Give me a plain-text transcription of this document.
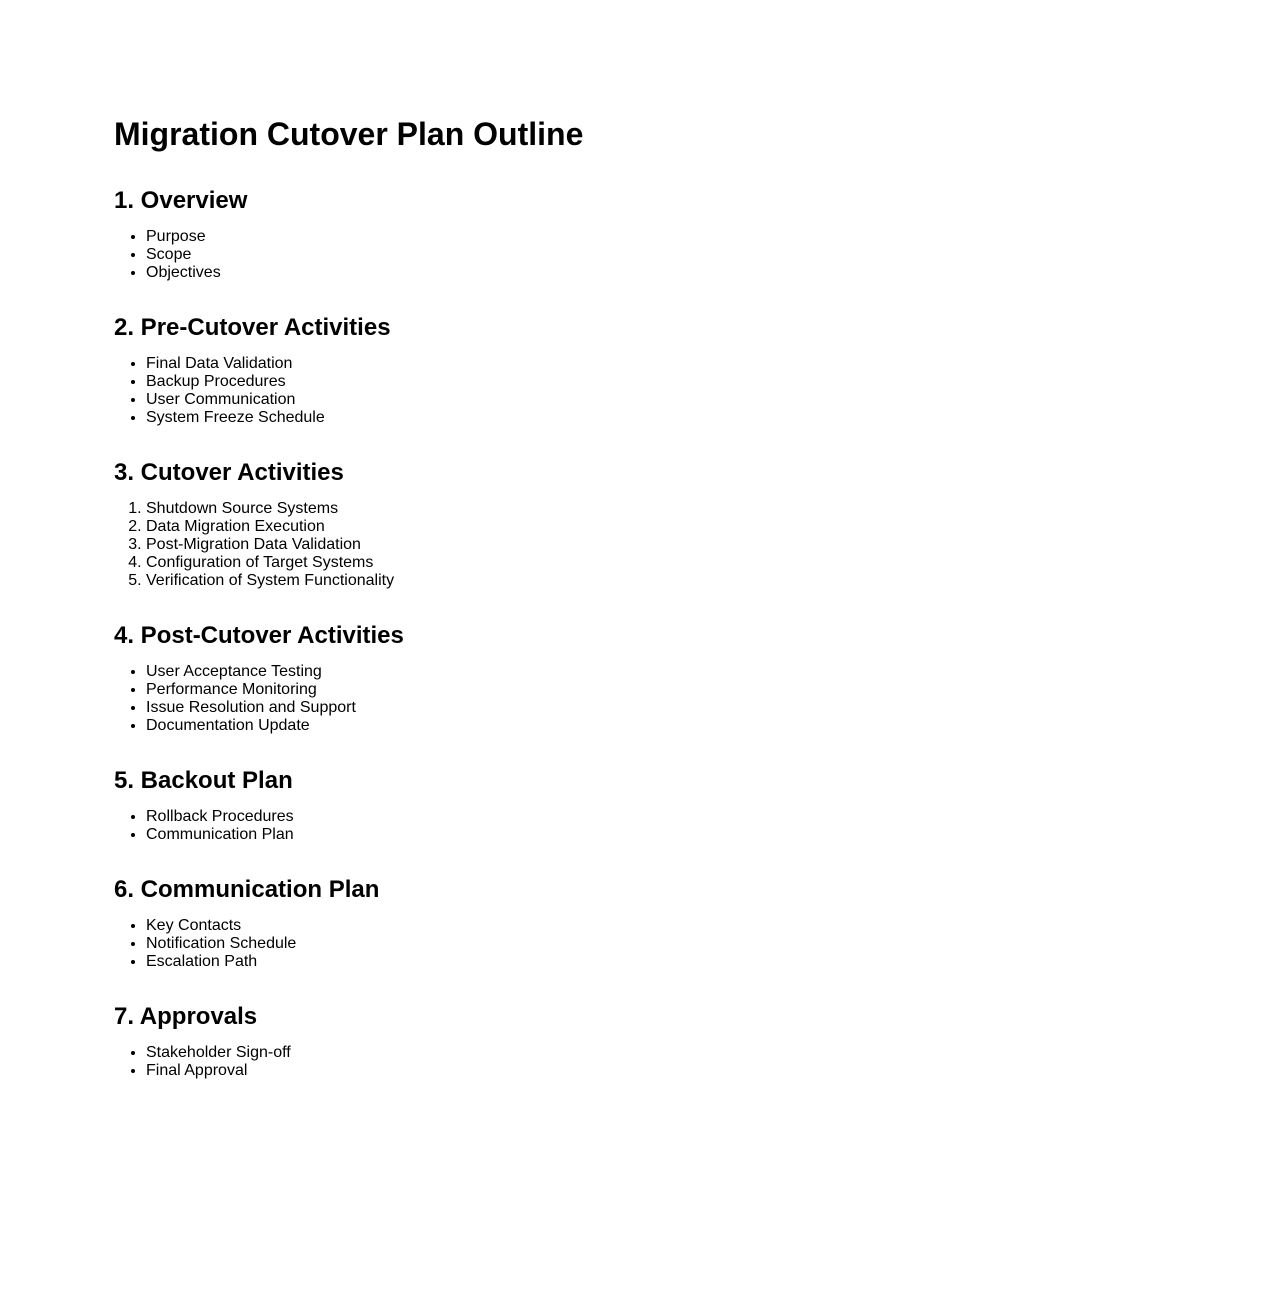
Migration Cutover Plan Outline
1. Overview
• Purpose
• Scope
• Objectives
2. Pre-Cutover Activities
• Final Data Validation
• Backup Procedures
• User Communication
• System Freeze Schedule
3. Cutover Activities
1. Shutdown Source Systems
2. Data Migration Execution
3. Post-Migration Data Validation
4. Configuration of Target Systems
5. Verification of System Functionality
4. Post-Cutover Activities
• User Acceptance Testing
• Performance Monitoring
• Issue Resolution and Support
• Documentation Update
5. Backout Plan
• Rollback Procedures
• Communication Plan
6. Communication Plan
• Key Contacts
• Notification Schedule
• Escalation Path
7. Approvals
• Stakeholder Sign-off
• Final Approval
